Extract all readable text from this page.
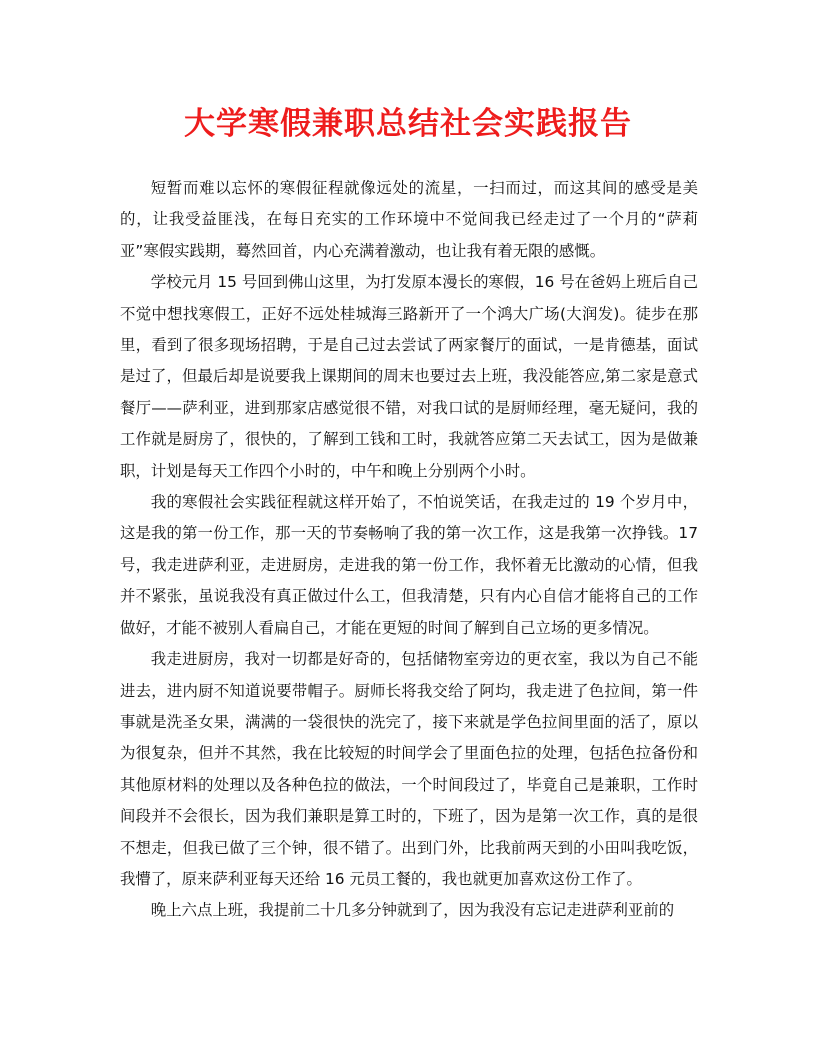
大学寒假兼职总结社会实践报告

短暂而难以忘怀的寒假征程就像远处的流星，一扫而过，而这其间的感受是美的，让我受益匪浅，在每日充实的工作环境中不觉间我已经走过了一个月的“萨莉亚”寒假实践期，蓦然回首，内心充满着激动，也让我有着无限的感慨。

学校元月 15 号回到佛山这里，为打发原本漫长的寒假，16 号在爸妈上班后自己不觉中想找寒假工，正好不远处桂城海三路新开了一个鸿大广场(大润发)。徒步在那里，看到了很多现场招聘，于是自己过去尝试了两家餐厅的面试，一是肯德基，面试是过了，但最后却是说要我上课期间的周末也要过去上班，我没能答应,第二家是意式餐厅——萨利亚，进到那家店感觉很不错，对我口试的是厨师经理，毫无疑问，我的工作就是厨房了，很快的，了解到工钱和工时，我就答应第二天去试工，因为是做兼职，计划是每天工作四个小时的，中午和晚上分别两个小时。

我的寒假社会实践征程就这样开始了，不怕说笑话，在我走过的 19 个岁月中，这是我的第一份工作，那一天的节奏畅响了我的第一次工作，这是我第一次挣钱。17 号，我走进萨利亚，走进厨房，走进我的第一份工作，我怀着无比激动的心情，但我并不紧张，虽说我没有真正做过什么工，但我清楚，只有内心自信才能将自己的工作做好，才能不被别人看扁自己，才能在更短的时间了解到自己立场的更多情况。

我走进厨房，我对一切都是好奇的，包括储物室旁边的更衣室，我以为自己不能进去，进内厨不知道说要带帽子。厨师长将我交给了阿均，我走进了色拉间，第一件事就是洗圣女果，满满的一袋很快的洗完了，接下来就是学色拉间里面的活了，原以为很复杂，但并不其然，我在比较短的时间学会了里面色拉的处理，包括色拉备份和其他原材料的处理以及各种色拉的做法，一个时间段过了，毕竟自己是兼职，工作时间段并不会很长，因为我们兼职是算工时的，下班了，因为是第一次工作，真的是很不想走，但我已做了三个钟，很不错了。出到门外，比我前两天到的小田叫我吃饭，我懵了，原来萨利亚每天还给 16 元员工餐的，我也就更加喜欢这份工作了。

晚上六点上班，我提前二十几多分钟就到了，因为我没有忘记走进萨利亚前的
